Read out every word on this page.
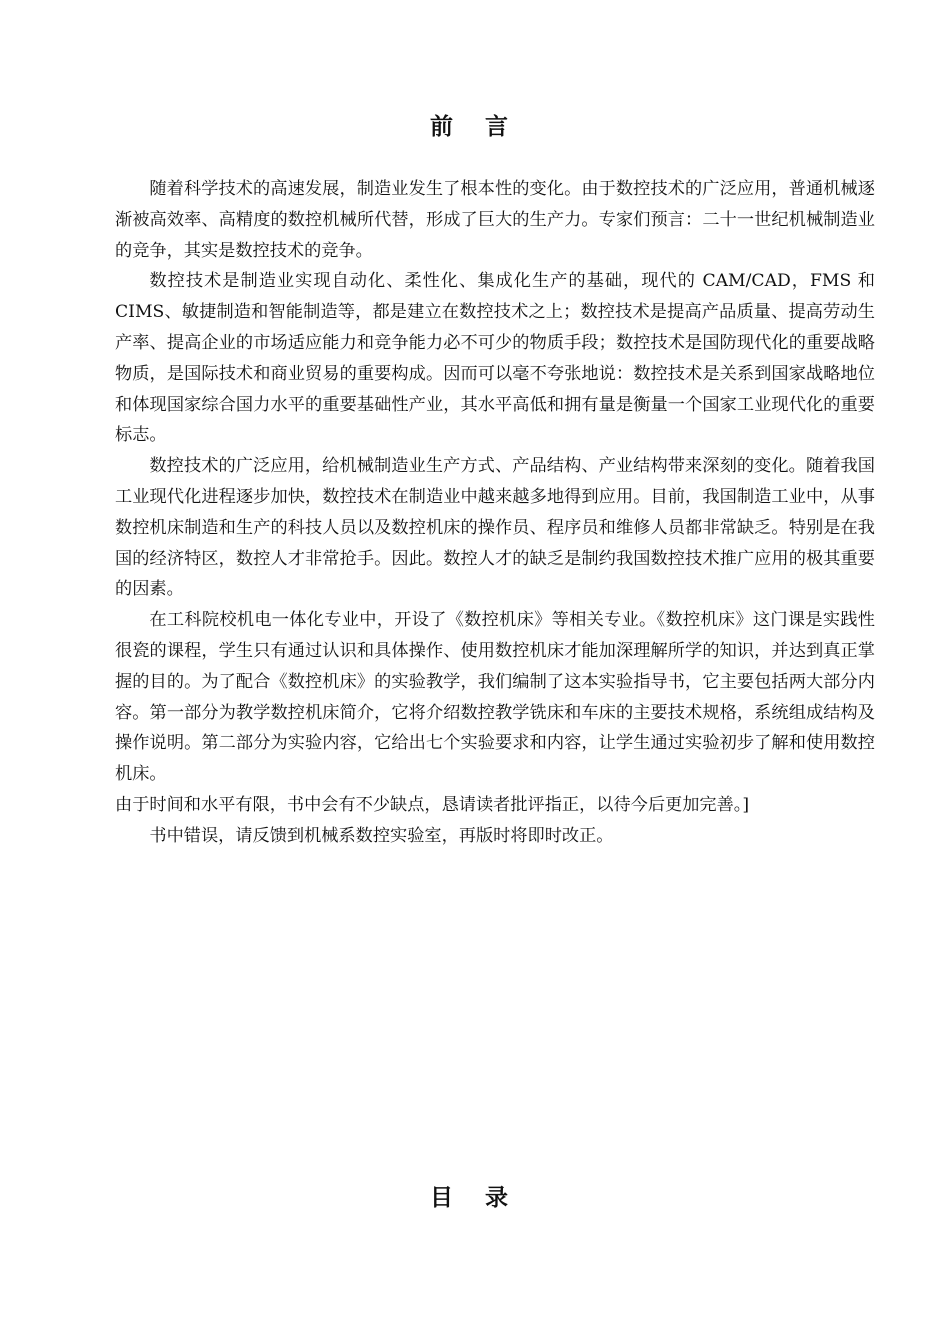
前 言

随着科学技术的高速发展，制造业发生了根本性的变化。由于数控技术的广泛应用，普通机械逐渐被高效率、高精度的数控机械所代替，形成了巨大的生产力。专家们预言：二十一世纪机械制造业的竞争，其实是数控技术的竞争。

数控技术是制造业实现自动化、柔性化、集成化生产的基础，现代的 CAM/CAD，FMS 和 CIMS、敏捷制造和智能制造等，都是建立在数控技术之上；数控技术是提高产品质量、提高劳动生产率、提高企业的市场适应能力和竞争能力必不可少的物质手段；数控技术是国防现代化的重要战略物质，是国际技术和商业贸易的重要构成。因而可以毫不夸张地说：数控技术是关系到国家战略地位和体现国家综合国力水平的重要基础性产业，其水平高低和拥有量是衡量一个国家工业现代化的重要标志。

数控技术的广泛应用，给机械制造业生产方式、产品结构、产业结构带来深刻的变化。随着我国工业现代化进程逐步加快，数控技术在制造业中越来越多地得到应用。目前，我国制造工业中，从事数控机床制造和生产的科技人员以及数控机床的操作员、程序员和维修人员都非常缺乏。特别是在我国的经济特区，数控人才非常抢手。因此。数控人才的缺乏是制约我国数控技术推广应用的极其重要的因素。

在工科院校机电一体化专业中，开设了《数控机床》等相关专业。《数控机床》这门课是实践性很瓷的课程，学生只有通过认识和具体操作、使用数控机床才能加深理解所学的知识，并达到真正掌握的目的。为了配合《数控机床》的实验教学，我们编制了这本实验指导书，它主要包括两大部分内容。第一部分为教学数控机床简介，它将介绍数控教学铣床和车床的主要技术规格，系统组成结构及操作说明。第二部分为实验内容，它给出七个实验要求和内容，让学生通过实验初步了解和使用数控机床。

由于时间和水平有限，书中会有不少缺点，恳请读者批评指正，以待今后更加完善。]

书中错误，请反馈到机械系数控实验室，再版时将即时改正。

目 录
